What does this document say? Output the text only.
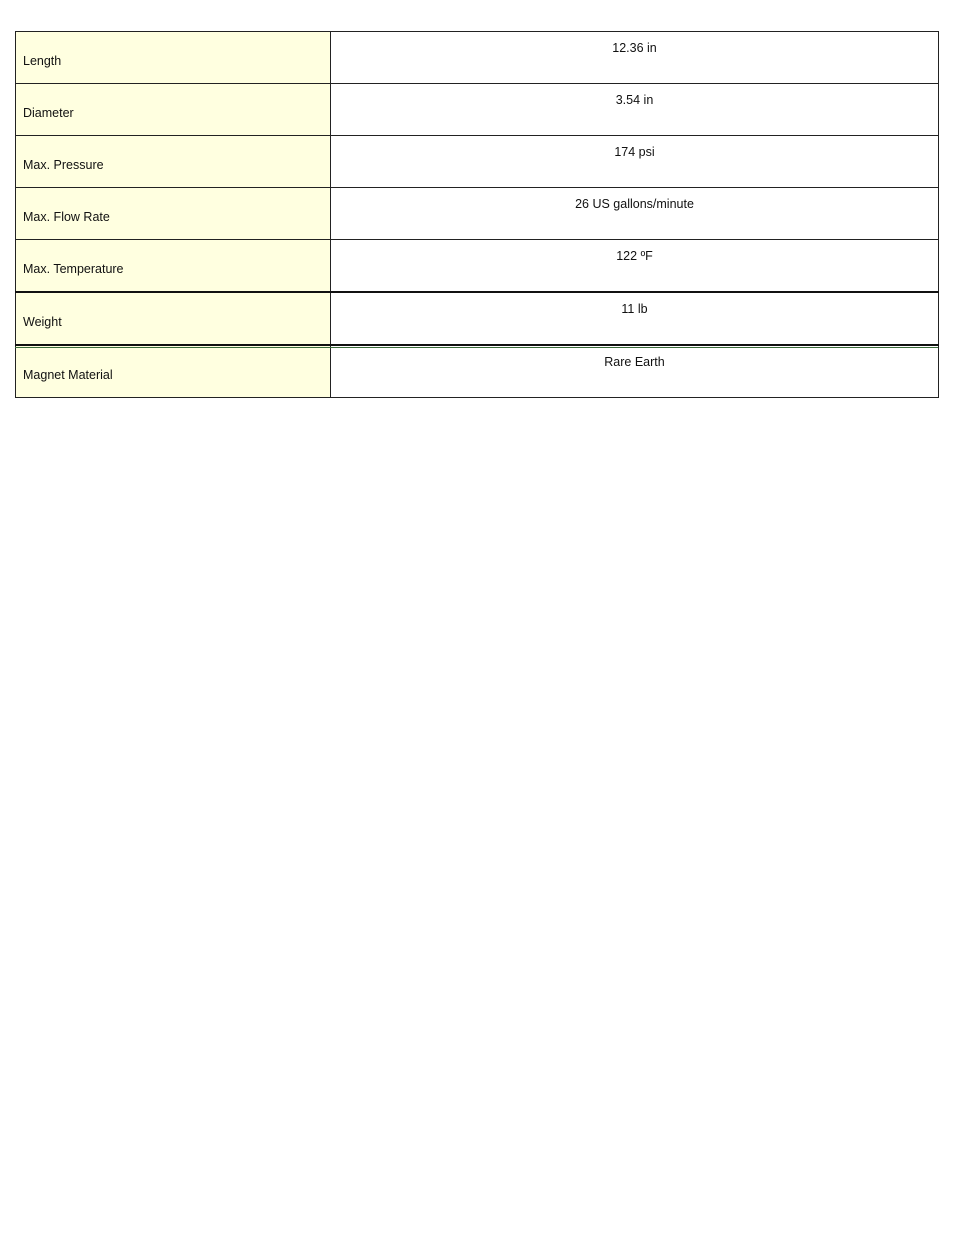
Length	12.36 in
Diameter	3.54 in
Max. Pressure	174 psi
Max. Flow Rate	26 US gallons/minute
Max. Temperature	122 ºF
Weight	11 lb
Magnet Material	Rare Earth
